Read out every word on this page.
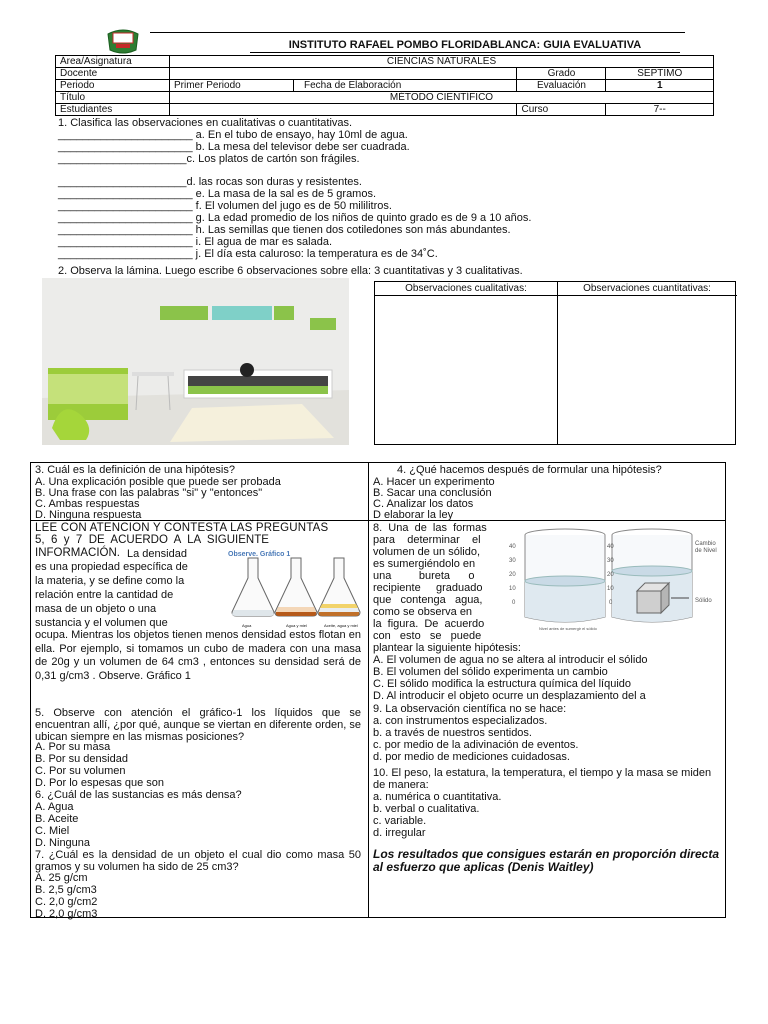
INSTITUTO RAFAEL POMBO FLORIDABLANCA: GUIA EVALUATIVA
Área/Asignatura	CIENCIAS NATURALES			
Docente			Grado	SEPTIMO
Periodo	Primer Periodo	Fecha de Elaboración	Evaluación	1
Título	MÉTODO CIENTÍFICO			
Estudiantes			Curso	7--
1. Clasifica las observaciones en cualitativas o cuantitativas.
______________________ a. En el tubo de ensayo, hay 10ml de agua.
______________________ b. La mesa del televisor debe ser cuadrada.
_____________________c. Los platos de cartón son frágiles.
_____________________d. las rocas son duras y resistentes.
______________________ e. La masa de la sal es de 5 gramos.
______________________ f. El volumen del jugo es de 50 mililitros.
______________________ g. La edad promedio de los niños de quinto grado es de 9 a 10 años.
______________________ h. Las semillas que tienen dos cotiledones son más abundantes.
______________________ i. El agua de mar es salada.
______________________ j. El día esta caluroso: la temperatura es de 34˚C.
2. Observa la lámina. Luego escribe 6 observaciones sobre ella: 3 cuantitativas y 3 cualitativas.
Observaciones cualitativas:	Observaciones cuantitativas:
3. Cuál es la definición de una hipótesis?
A. Una explicación posible que puede ser probada
B. Una frase con las palabras "si" y "entonces"
C. Ambas respuestas
D. Ninguna respuesta
4. ¿Qué hacemos después de formular una hipótesis?
A. Hacer un experimento
B. Sacar una conclusión
C. Analizar los datos
D elaborar la ley
LEE CON ATENCION Y CONTESTA LAS PREGUNTAS
5,  6  y  7  DE  ACUERDO  A  LA  SIGUIENTE
INFORMACIÓN. La densidad
es una propiedad específica de
la materia, y se define como la
relación entre la cantidad de
masa de un objeto o una
sustancia y el volumen que
ocupa. Mientras los objetos tienen menos densidad estos flotan en ella. Por ejemplo, si tomamos un cubo de madera con una masa de 20g y un volumen de 64 cm3 , entonces su densidad será de 0,31 g/cm3 . Observe. Gráfico 1
Observe. Gráfico 1
Agua	Agua y miel	Aceite, agua y miel
5. Observe con atención el gráfico-1 los líquidos que se encuentran allí, ¿por qué, aunque se viertan en diferente orden, se ubican siempre en las mismas posiciones?
A. Por su masa
B. Por su densidad
C. Por su volumen
D. Por lo espesas que son
6. ¿Cuál de las sustancias es más densa?
A. Agua
B. Aceite
C. Miel
D. Ninguna
7. ¿Cuál es la densidad de un objeto el cual dio como masa 50 gramos y su volumen ha sido de 25 cm3?
A. 25 g/cm
B. 2,5 g/cm3
C. 2,0 g/cm2
D. 2,0 g/cm3
8.  Una  de  las  formas
para    determinar    el
volumen de un sólido,
es sumergiéndolo en
una         bureta      o
recipiente     graduado
que   contenga   agua,
como se observa en
la  figura.  De  acuerdo
con   esto   se   puede
plantear la siguiente hipótesis:
A. El volumen de agua no se altera al introducir el sólido
B. El volumen del sólido experimenta un cambio
C. El sólido modifica la estructura química del líquido
D. Al introducir el objeto ocurre un desplazamiento del a
40
30
20
10
0
40
30
20
10
0
Cambio
de Nivel
Sólido
Nivel antes de sumergir el sólido
9. La observación científica no se hace:
a. con instrumentos especializados.
b. a través de nuestros sentidos.
c. por medio de la adivinación de eventos.
d. por medio de mediciones cuidadosas.
10. El peso, la estatura, la temperatura, el tiempo y la masa se miden de manera:
a. numérica o cuantitativa.
b. verbal o cualitativa.
c. variable.
d. irregular
Los resultados que consigues estarán en proporción directa al esfuerzo que aplicas (Denis Waitley)
